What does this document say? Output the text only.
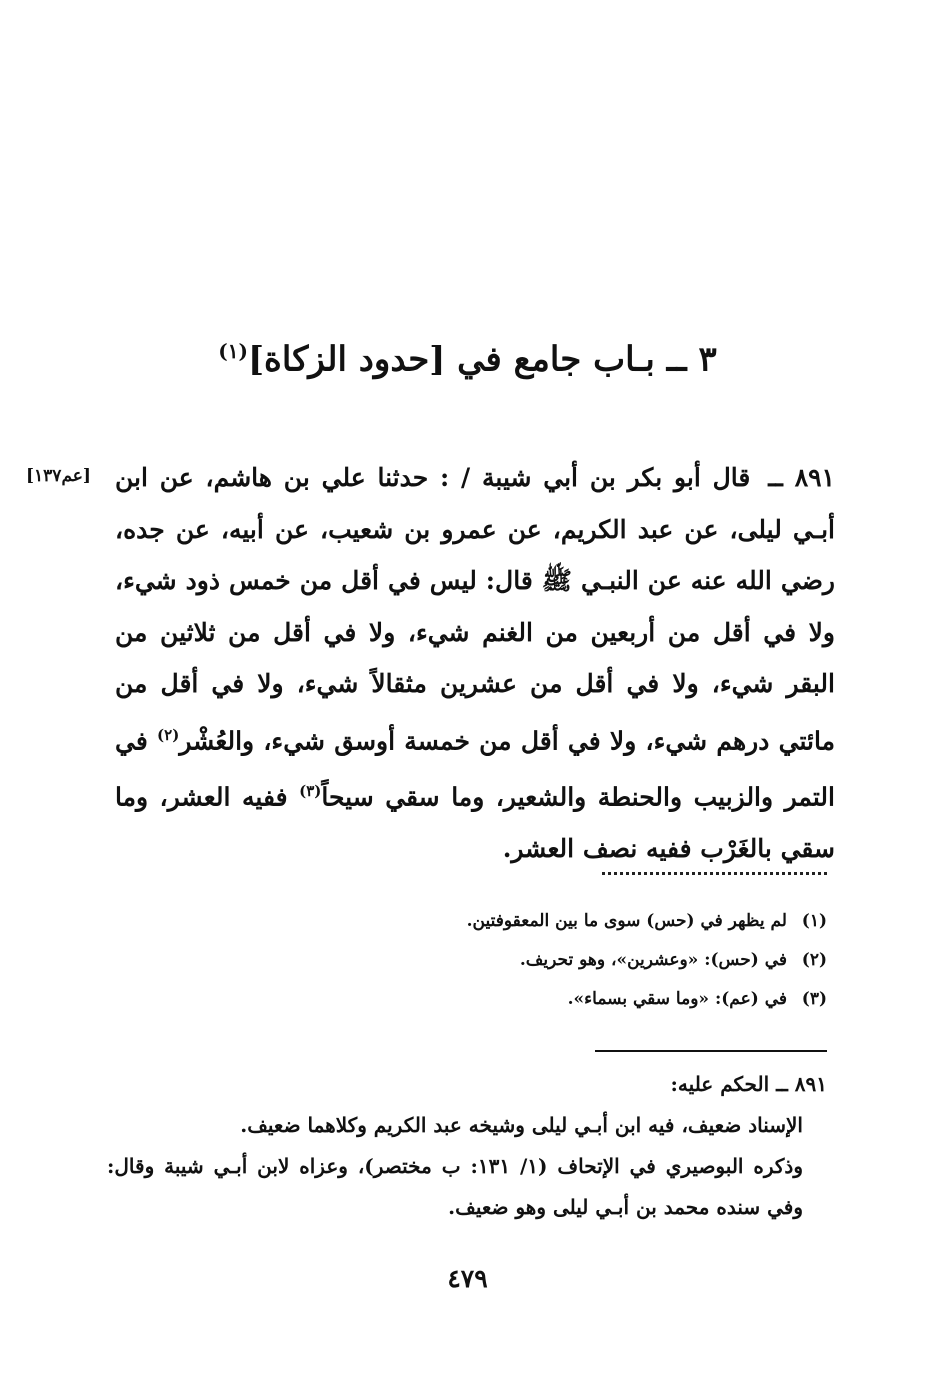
٣ ــ بـاب جامع في [حدود الزكاة]$^{(١)}$
[عم١٣٧]	٨٩١ ــ قال أبو بكر بن أبي شيبة / : حدثنا علي بن هاشم، عن ابن أبـي ليلى، عن عبد الكريم، عن عمرو بن شعيب، عن أبيه، عن جده، رضي الله عنه عن النبـي ﷺ قال: ليس في أقل من خمس ذود شيء، ولا في أقل من أربعين من الغنم شيء، ولا في أقل من ثلاثين من البقر شيء، ولا في أقل من عشرين مثقالاً شيء، ولا في أقل من مائتي درهم شيء، ولا في أقل من خمسة أوسق شيء، والعُشْر$^{(٢)}$ في التمر والزبيب والحنطة والشعير، وما سقي سيحاً$^{(٣)}$ ففيه العشر، وما سقي بالغَرْب ففيه نصف العشر.
(١)لم يظهر في (حس) سوى ما بين المعقوفتين.
(٢)في (حس): «وعشرين»، وهو تحريف.
(٣)في (عم): «وما سقي بسماء».
٨٩١ ــ الحكم عليه:
الإسناد ضعيف، فيه ابن أبـي ليلى وشيخه عبد الكريم وكلاهما ضعيف.
وذكره البوصيري في الإتحاف (١/ ١٣١: ب مختصر)، وعزاه لابن أبـي شيبة وقال: وفي سنده محمد بن أبـي ليلى وهو ضعيف.
٤٧٩
